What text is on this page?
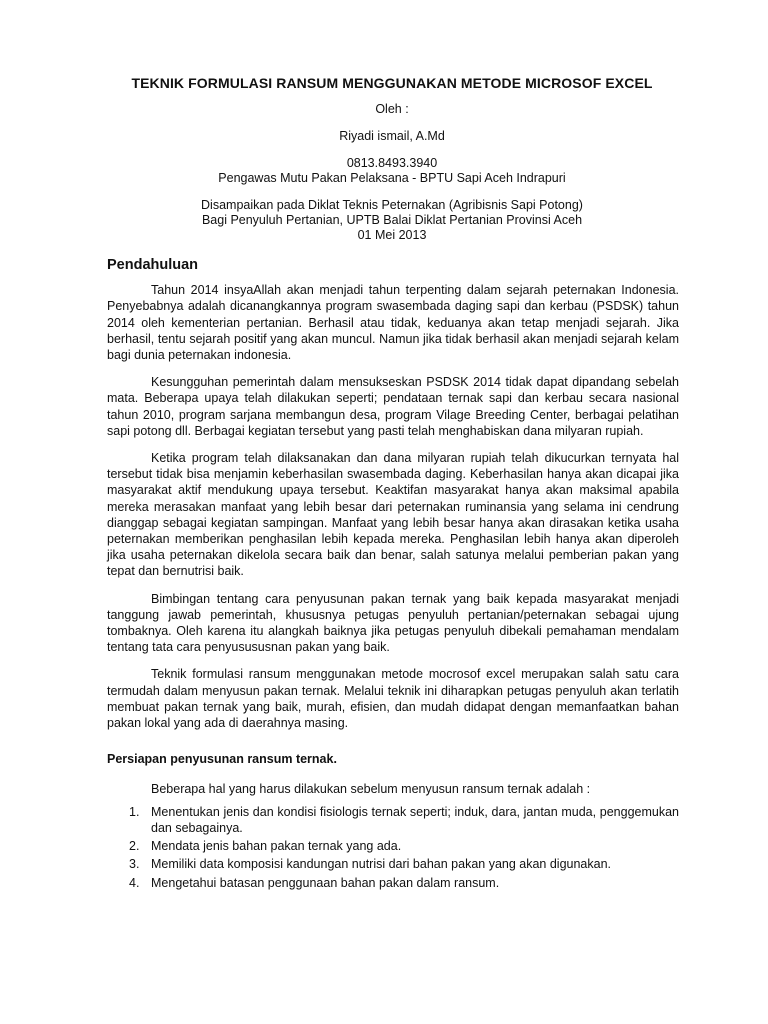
TEKNIK FORMULASI RANSUM MENGGUNAKAN METODE MICROSOF EXCEL

Oleh :

Riyadi ismail, A.Md

0813.8493.3940

Pengawas Mutu Pakan Pelaksana - BPTU Sapi Aceh Indrapuri

Disampaikan pada Diklat Teknis Peternakan (Agribisnis Sapi Potong)

Bagi Penyuluh Pertanian, UPTB Balai Diklat Pertanian Provinsi Aceh

01 Mei 2013

Pendahuluan

Tahun 2014 insyaAllah akan menjadi tahun terpenting dalam sejarah peternakan Indonesia. Penyebabnya adalah dicanangkannya program swasembada daging sapi dan kerbau (PSDSK) tahun 2014 oleh kementerian pertanian. Berhasil atau tidak, keduanya akan tetap menjadi sejarah. Jika berhasil, tentu sejarah positif yang akan muncul. Namun jika tidak berhasil akan menjadi sejarah kelam bagi dunia peternakan indonesia.

Kesungguhan pemerintah dalam mensukseskan PSDSK 2014 tidak dapat dipandang sebelah mata. Beberapa upaya telah dilakukan seperti; pendataan ternak sapi dan kerbau secara nasional tahun 2010, program sarjana membangun desa, program Vilage Breeding Center, berbagai pelatihan sapi potong dll. Berbagai kegiatan tersebut yang pasti telah menghabiskan dana milyaran rupiah.

Ketika program telah dilaksanakan dan dana milyaran rupiah telah dikucurkan ternyata hal tersebut tidak bisa menjamin keberhasilan swasembada daging. Keberhasilan hanya akan dicapai jika masyarakat aktif mendukung upaya tersebut. Keaktifan masyarakat hanya akan maksimal apabila mereka merasakan manfaat yang lebih besar dari peternakan ruminansia yang selama ini cendrung dianggap sebagai kegiatan sampingan. Manfaat yang lebih besar hanya akan dirasakan ketika usaha peternakan memberikan penghasilan lebih kepada mereka. Penghasilan lebih hanya akan diperoleh jika usaha peternakan dikelola secara baik dan benar, salah satunya melalui pemberian pakan yang tepat dan bernutrisi baik.

Bimbingan tentang cara penyusunan pakan ternak yang baik kepada masyarakat menjadi tanggung jawab pemerintah, khususnya petugas penyuluh pertanian/peternakan sebagai ujung tombaknya. Oleh karena itu alangkah baiknya jika petugas penyuluh dibekali pemahaman mendalam tentang tata cara penyusususnan pakan yang baik.

Teknik formulasi ransum menggunakan metode mocrosof excel merupakan salah satu cara termudah dalam menyusun pakan ternak. Melalui teknik ini diharapkan petugas penyuluh akan terlatih membuat pakan ternak yang baik, murah, efisien, dan mudah didapat dengan memanfaatkan bahan pakan lokal yang ada di daerahnya masing.

Persiapan penyusunan ransum ternak.

Beberapa hal yang harus dilakukan sebelum menyusun ransum ternak adalah :

1. Menentukan jenis dan kondisi fisiologis ternak seperti; induk, dara, jantan muda, penggemukan dan sebagainya.
2. Mendata jenis bahan pakan ternak yang ada.
3. Memiliki data komposisi kandungan nutrisi dari bahan pakan yang akan digunakan.
4. Mengetahui batasan penggunaan bahan pakan dalam ransum.
